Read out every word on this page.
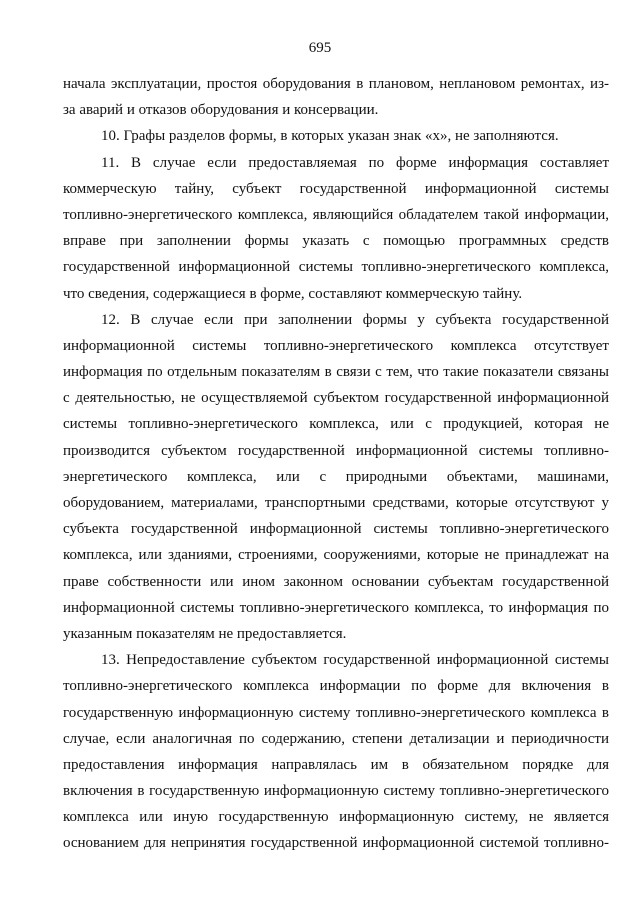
695
начала эксплуатации, простоя оборудования в плановом, неплановом ремонтах, из-
за аварий и отказов оборудования и консервации.
10. Графы разделов формы, в которых указан знак «х», не заполняются.
11. В случае если предоставляемая по форме информация составляет
коммерческую тайну, субъект государственной информационной системы
топливно-энергетического комплекса, являющийся обладателем такой информации,
вправе при заполнении формы указать с помощью программных средств
государственной информационной системы топливно-энергетического комплекса,
что сведения, содержащиеся в форме, составляют коммерческую тайну.
12. В случае если при заполнении формы у субъекта государственной
информационной системы топливно-энергетического комплекса отсутствует
информация по отдельным показателям в связи с тем, что такие показатели связаны
с деятельностью, не осуществляемой субъектом государственной информационной
системы топливно-энергетического комплекса, или с продукцией, которая не
производится субъектом государственной информационной системы топливно-
энергетического комплекса, или с природными объектами, машинами,
оборудованием, материалами, транспортными средствами, которые отсутствуют у
субъекта государственной информационной системы топливно-энергетического
комплекса, или зданиями, строениями, сооружениями, которые не принадлежат на
праве собственности или ином законном основании субъектам государственной
информационной системы топливно-энергетического комплекса, то информация по
указанным показателям не предоставляется.
13. Непредоставление субъектом государственной информационной системы
топливно-энергетического комплекса информации по форме для включения в
государственную информационную систему топливно-энергетического комплекса в
случае, если аналогичная по содержанию, степени детализации и периодичности
предоставления информация направлялась им в обязательном порядке для
включения в государственную информационную систему топливно-энергетического
комплекса или иную государственную информационную систему, не является
основанием для непринятия государственной информационной системой топливно-
